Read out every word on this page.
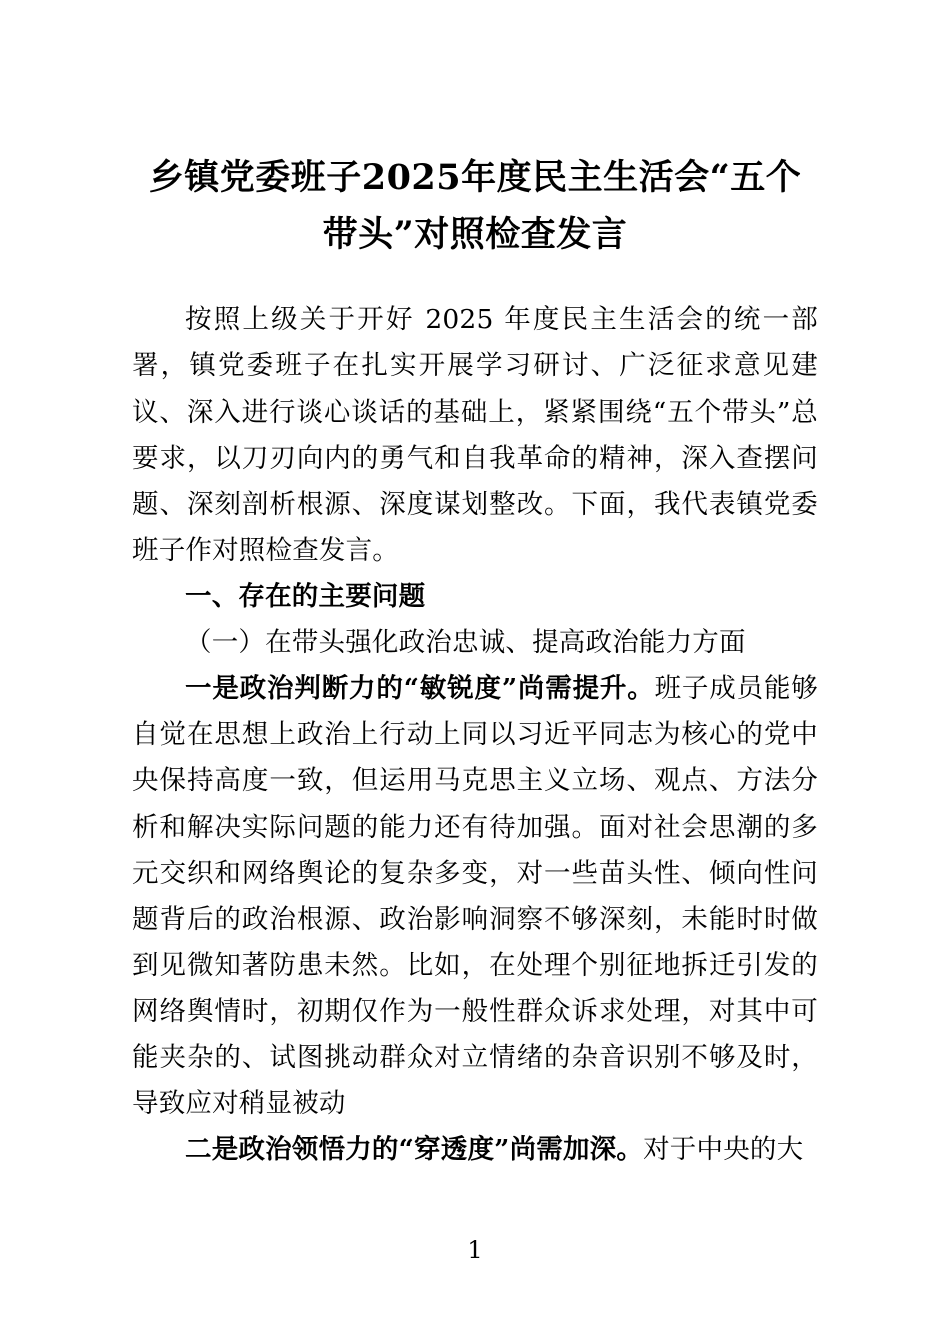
乡镇党委班子2025年度民主生活会“五个带头”对照检查发言

按照上级关于开好 2025 年度民主生活会的统一部署，镇党委班子在扎实开展学习研讨、广泛征求意见建议、深入进行谈心谈话的基础上，紧紧围绕“五个带头”总要求，以刀刃向内的勇气和自我革命的精神，深入查摆问题、深刻剖析根源、深度谋划整改。下面，我代表镇党委班子作对照检查发言。

一、存在的主要问题

（一）在带头强化政治忠诚、提高政治能力方面

一是政治判断力的“敏锐度”尚需提升。班子成员能够自觉在思想上政治上行动上同以习近平同志为核心的党中央保持高度一致，但运用马克思主义立场、观点、方法分析和解决实际问题的能力还有待加强。面对社会思潮的多元交织和网络舆论的复杂多变，对一些苗头性、倾向性问题背后的政治根源、政治影响洞察不够深刻，未能时时做到见微知著防患未然。比如，在处理个别征地拆迁引发的网络舆情时，初期仅作为一般性群众诉求处理，对其中可能夹杂的、试图挑动群众对立情绪的杂音识别不够及时，导致应对稍显被动

二是政治领悟力的“穿透度”尚需加深。对于中央的大

1
